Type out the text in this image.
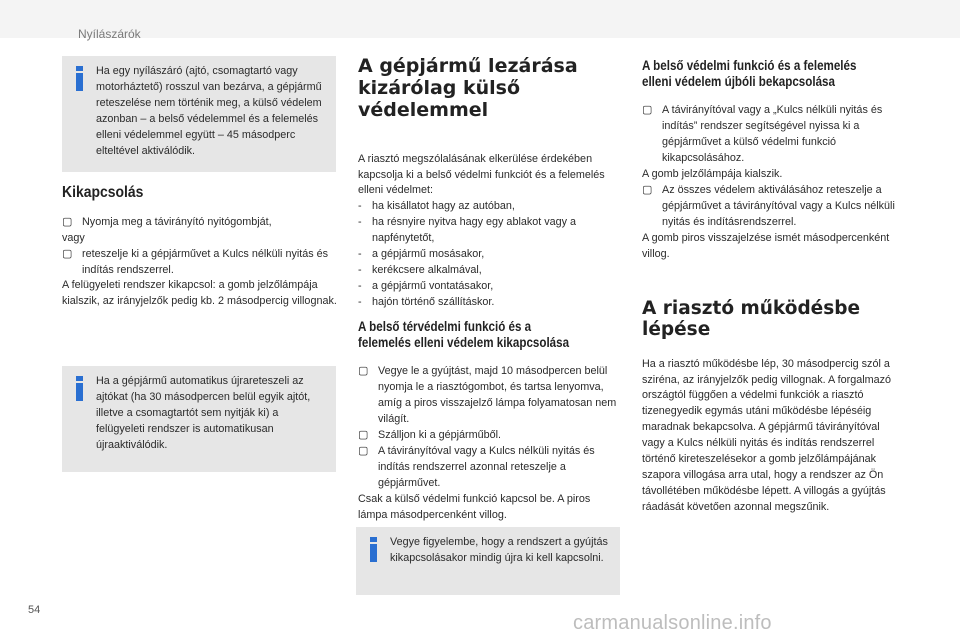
Nyílászárók
Ha egy nyílászáró (ajtó, csomagtartó vagy motorháztető) rosszul van bezárva, a gépjármű reteszelése nem történik meg, a külső védelem azonban – a belső védelemmel és a felemelés elleni védelemmel együtt – 45 másodperc elteltével aktiválódik.
Kikapcsolás
▢ Nyomja meg a távirányító nyitógombját,
vagy
▢ reteszelje ki a gépjárművet a Kulcs nélküli nyitás és indítás rendszerrel.
A felügyeleti rendszer kikapcsol: a gomb jelzőlámpája kialszik, az irányjelzők pedig kb. 2 másodpercig villognak.
Ha a gépjármű automatikus újrareteszeli az ajtókat (ha 30 másodpercen belül egyik ajtót, illetve a csomagtartót sem nyitják ki) a felügyeleti rendszer is automatikusan újraaktiválódik.
A gépjármű lezárása
kizárólag külső védelemmel
A riasztó megszólalásának elkerülése érdekében kapcsolja ki a belső védelmi funkciót és a felemelés elleni védelmet:
- ha kisállatot hagy az autóban,
- ha résnyire nyitva hagy egy ablakot vagy a napfénytetőt,
- a gépjármű mosásakor,
- kerékcsere alkalmával,
- a gépjármű vontatásakor,
- hajón történő szállításkor.
A belső térvédelmi funkció és a
felemelés elleni védelem kikapcsolása
▢ Vegye le a gyújtást, majd 10 másodpercen belül nyomja le a riasztógombot, és tartsa lenyomva, amíg a piros visszajelző lámpa folyamatosan nem világít.
▢ Szálljon ki a gépjárműből.
▢ A távirányítóval vagy a Kulcs nélküli nyitás és indítás rendszerrel azonnal reteszelje a gépjárművet.
Csak a külső védelmi funkció kapcsol be. A piros lámpa másodpercenként villog.
Vegye figyelembe, hogy a rendszert a gyújtás kikapcsolásakor mindig újra ki kell kapcsolni.
A belső védelmi funkció és a felemelés
elleni védelem újbóli bekapcsolása
▢ A távirányítóval vagy a „Kulcs nélküli nyitás és indítás” rendszer segítségével nyissa ki a gépjárművet a külső védelmi funkció kikapcsolásához.
A gomb jelzőlámpája kialszik.
▢ Az összes védelem aktiválásához reteszelje a gépjárművet a távirányítóval vagy a Kulcs nélküli nyitás és indításrendszerrel.
A gomb piros visszajelzése ismét másodpercenként villog.
A riasztó működésbe lépése
Ha a riasztó működésbe lép, 30 másodpercig szól a sziréna, az irányjelzők pedig villognak. A forgalmazó országtól függően a védelmi funkciók a riasztó tizenegyedik egymás utáni működésbe lépéséig maradnak bekapcsolva. A gépjármű távirányítóval vagy a Kulcs nélküli nyitás és indítás rendszerrel történő kireteszelésekor a gomb jelzőlámpájának szapora villogása arra utal, hogy a rendszer az Ön távollétében működésbe lépett. A villogás a gyújtás ráadását követően azonnal megszűnik.
54
carmanualsonline.info
